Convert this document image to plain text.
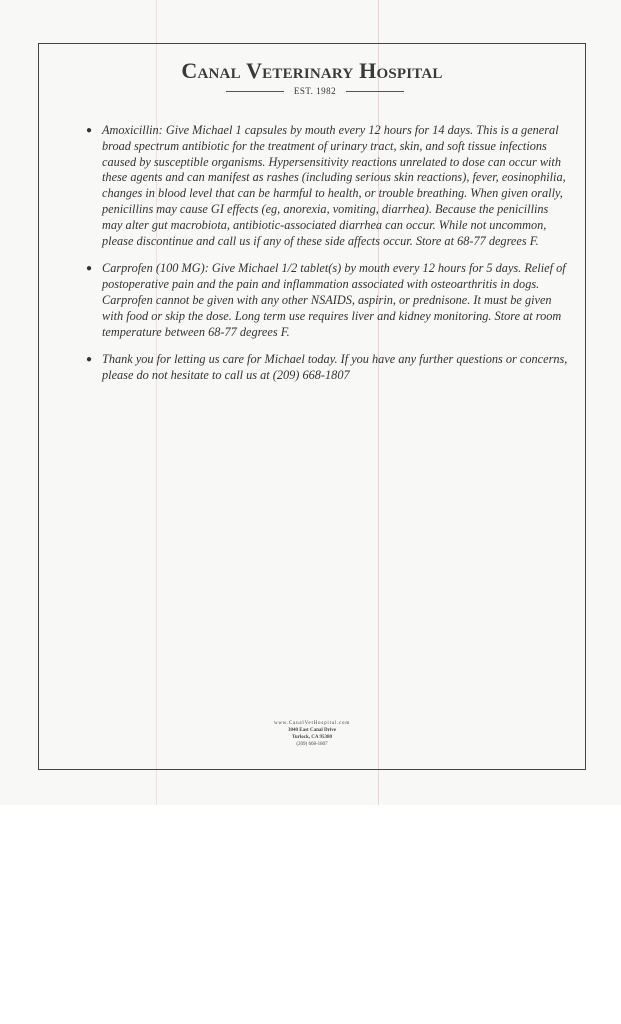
Canal Veterinary Hospital
EST. 1982
● Amoxicillin: Give Michael 1 capsules by mouth every 12 hours for 14 days. This is a general broad spectrum antibiotic for the treatment of urinary tract, skin, and soft tissue infections caused by susceptible organisms. Hypersensitivity reactions unrelated to dose can occur with these agents and can manifest as rashes (including serious skin reactions), fever, eosinophilia, changes in blood level that can be harmful to health, or trouble breathing. When given orally, penicillins may cause GI effects (eg, anorexia, vomiting, diarrhea). Because the penicillins may alter gut macrobiota, antibiotic-associated diarrhea can occur. While not uncommon, please discontinue and call us if any of these side affects occur. Store at 68-77 degrees F.
● Carprofen (100 MG): Give Michael 1/2 tablet(s) by mouth every 12 hours for 5 days. Relief of postoperative pain and the pain and inflammation associated with osteoarthritis in dogs. Carprofen cannot be given with any other NSAIDS, aspirin, or prednisone. It must be given with food or skip the dose. Long term use requires liver and kidney monitoring. Store at room temperature between 68-77 degrees F.
● Thank you for letting us care for Michael today. If you have any further questions or concerns, please do not hesitate to call us at (209) 668-1807
www.CanalVetHospital.com
3040 East Canal Drive
Turlock, CA 95380
(209) 668-1807
